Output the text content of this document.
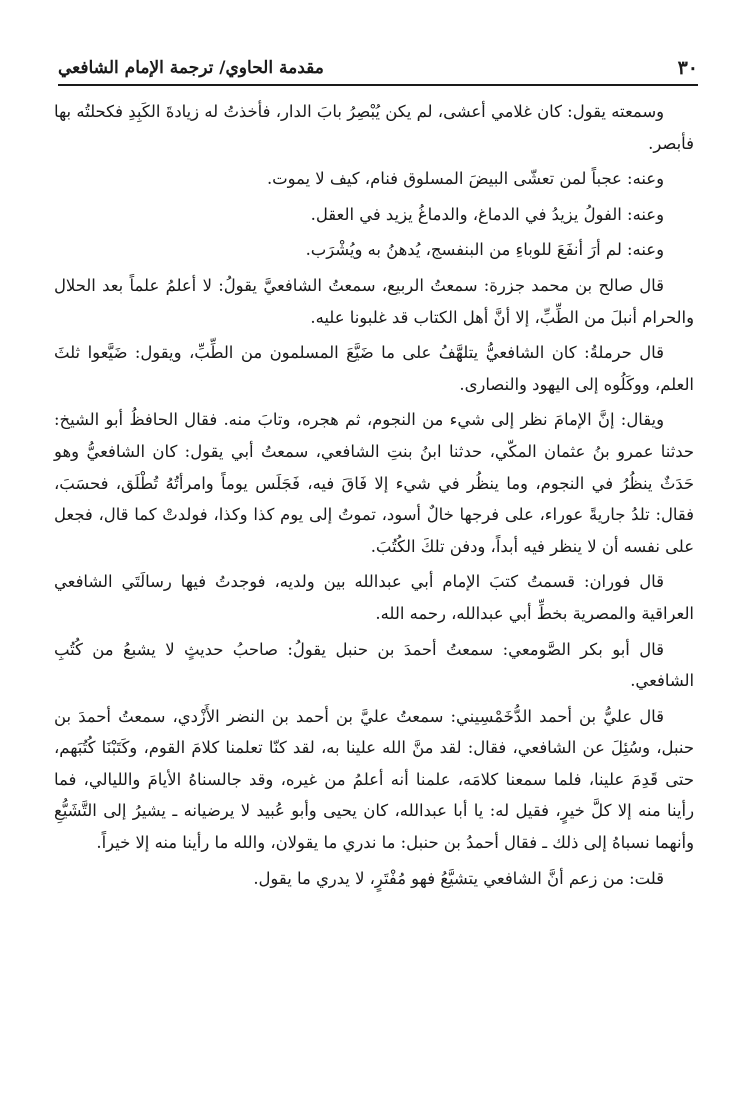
٣٠
مقدمة الحاوي/ ترجمة الإمام الشافعي

وسمعته يقول: كان غلامي أعشى، لم يكن يُبْصِرُ بابَ الدار، فأخذتُ له زيادةَ الكَبِدِ فكحلتُه بها فأبصر.

وعنه: عجباً لمن تعشّى البيضَ المسلوق فنام، كيف لا يموت.

وعنه: الفولُ يزيدُ في الدماغ، والدماغُ يزيد في العقل.

وعنه: لم أرَ أنفَعَ للوباءِ من البنفسج، يُدهنُ به ويُشْرَب.

قال صالح بن محمد جزرة: سمعتُ الربيع، سمعتُ الشافعيَّ يقولُ: لا أعلمُ علماً بعد الحلال والحرام أنبلَ من الطِّبِّ، إلا أنَّ أهل الكتاب قد غلبونا عليه.

قال حرملةُ: كان الشافعيُّ يتلهَّفُ على ما ضَيَّعَ المسلمون من الطِّبِّ، ويقول: ضَيَّعوا ثلثَ العلم، ووكَلُوه إلى اليهود والنصارى.

ويقال: إنَّ الإمامَ نظر إلى شيء من النجوم، ثم هجره، وتابَ منه. فقال الحافظُ أبو الشيخ: حدثنا عمرو بنُ عثمان المكّي، حدثنا ابنُ بنتِ الشافعي، سمعتُ أبي يقول: كان الشافعيُّ وهو حَدَثٌ ينظُرُ في النجوم، وما ينظُر في شيء إلا فَاقَ فيه، فَجَلَس يوماً وامرأتُهُ تُطْلَق، فحسَبَ، فقال: تلدُ جاريةً عوراء، على فرجها خالٌ أسود، تموتُ إلى يوم كذا وكذا، فولدتْ كما قال، فجعل على نفسه أن لا ينظر فيه أبداً، ودفن تلكَ الكُتُبَ.

قال فوران: قسمتُ كتبَ الإمام أبي عبدالله بين ولديه، فوجدتُ فيها رسالَتَي الشافعي العراقية والمصرية بخطِّ أبي عبدالله، رحمه الله.

قال أبو بكر الصَّومعي: سمعتُ أحمدَ بن حنبل يقولُ: صاحبُ حديثٍ لا يشبعُ من كُتُبِ الشافعي.

قال عليُّ بن أحمد الدُّخَمْسِيني: سمعتُ عليَّ بن أحمد بن النضر الأَزْدي، سمعتُ أحمدَ بن حنبل، وسُئِلَ عن الشافعي، فقال: لقد منَّ الله علينا به، لقد كنّا تعلمنا كلامَ القوم، وكَتَبْنَا كُتُبَهم، حتى قَدِمَ علينا، فلما سمعنا كلامَه، علمنا أنه أعلمُ من غيره، وقد جالسناهُ الأيامَ والليالي، فما رأينا منه إلا كلَّ خيرٍ، فقيل له: يا أبا عبدالله، كان يحيى وأبو عُبيد لا يرضيانه ـ يشيرُ إلى التَّشَيُّعِ وأنهما نسباهُ إلى ذلك ـ فقال أحمدُ بن حنبل: ما ندري ما يقولان، والله ما رأينا منه إلا خيراً.

قلت: من زعم أنَّ الشافعي يتشيَّعُ فهو مُفْتَرٍ، لا يدري ما يقول.
